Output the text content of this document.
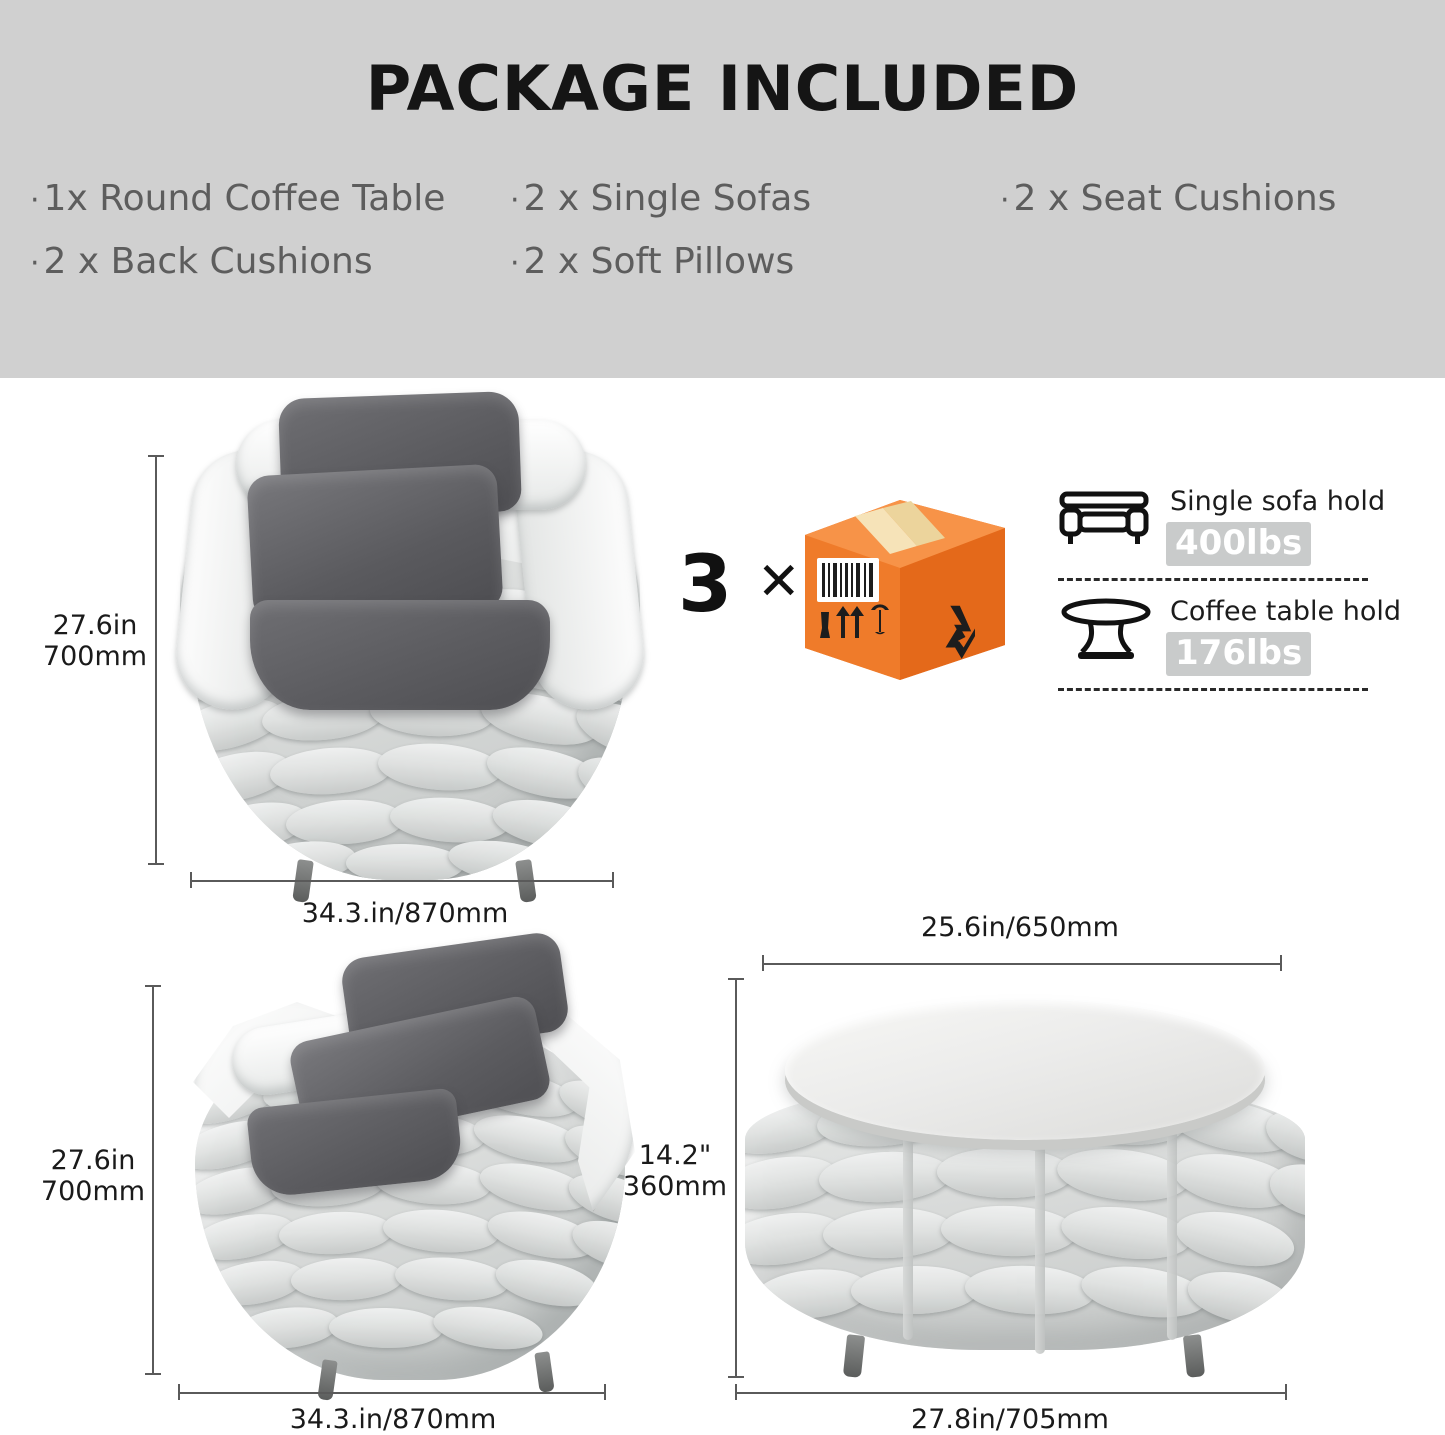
PACKAGE INCLUDED
· 1x Round Coffee Table	· 2 x Single Sofas	· 2 x Seat Cushions
· 2 x Back Cushions	· 2 x Soft Pillows
27.6in
700mm
34.3.in/870mm
27.6in
700mm
34.3.in/870mm
25.6in/650mm
14.2"
360mm
27.8in/705mm
3 ✕
Single sofa hold
400lbs
Coffee table hold
176lbs
